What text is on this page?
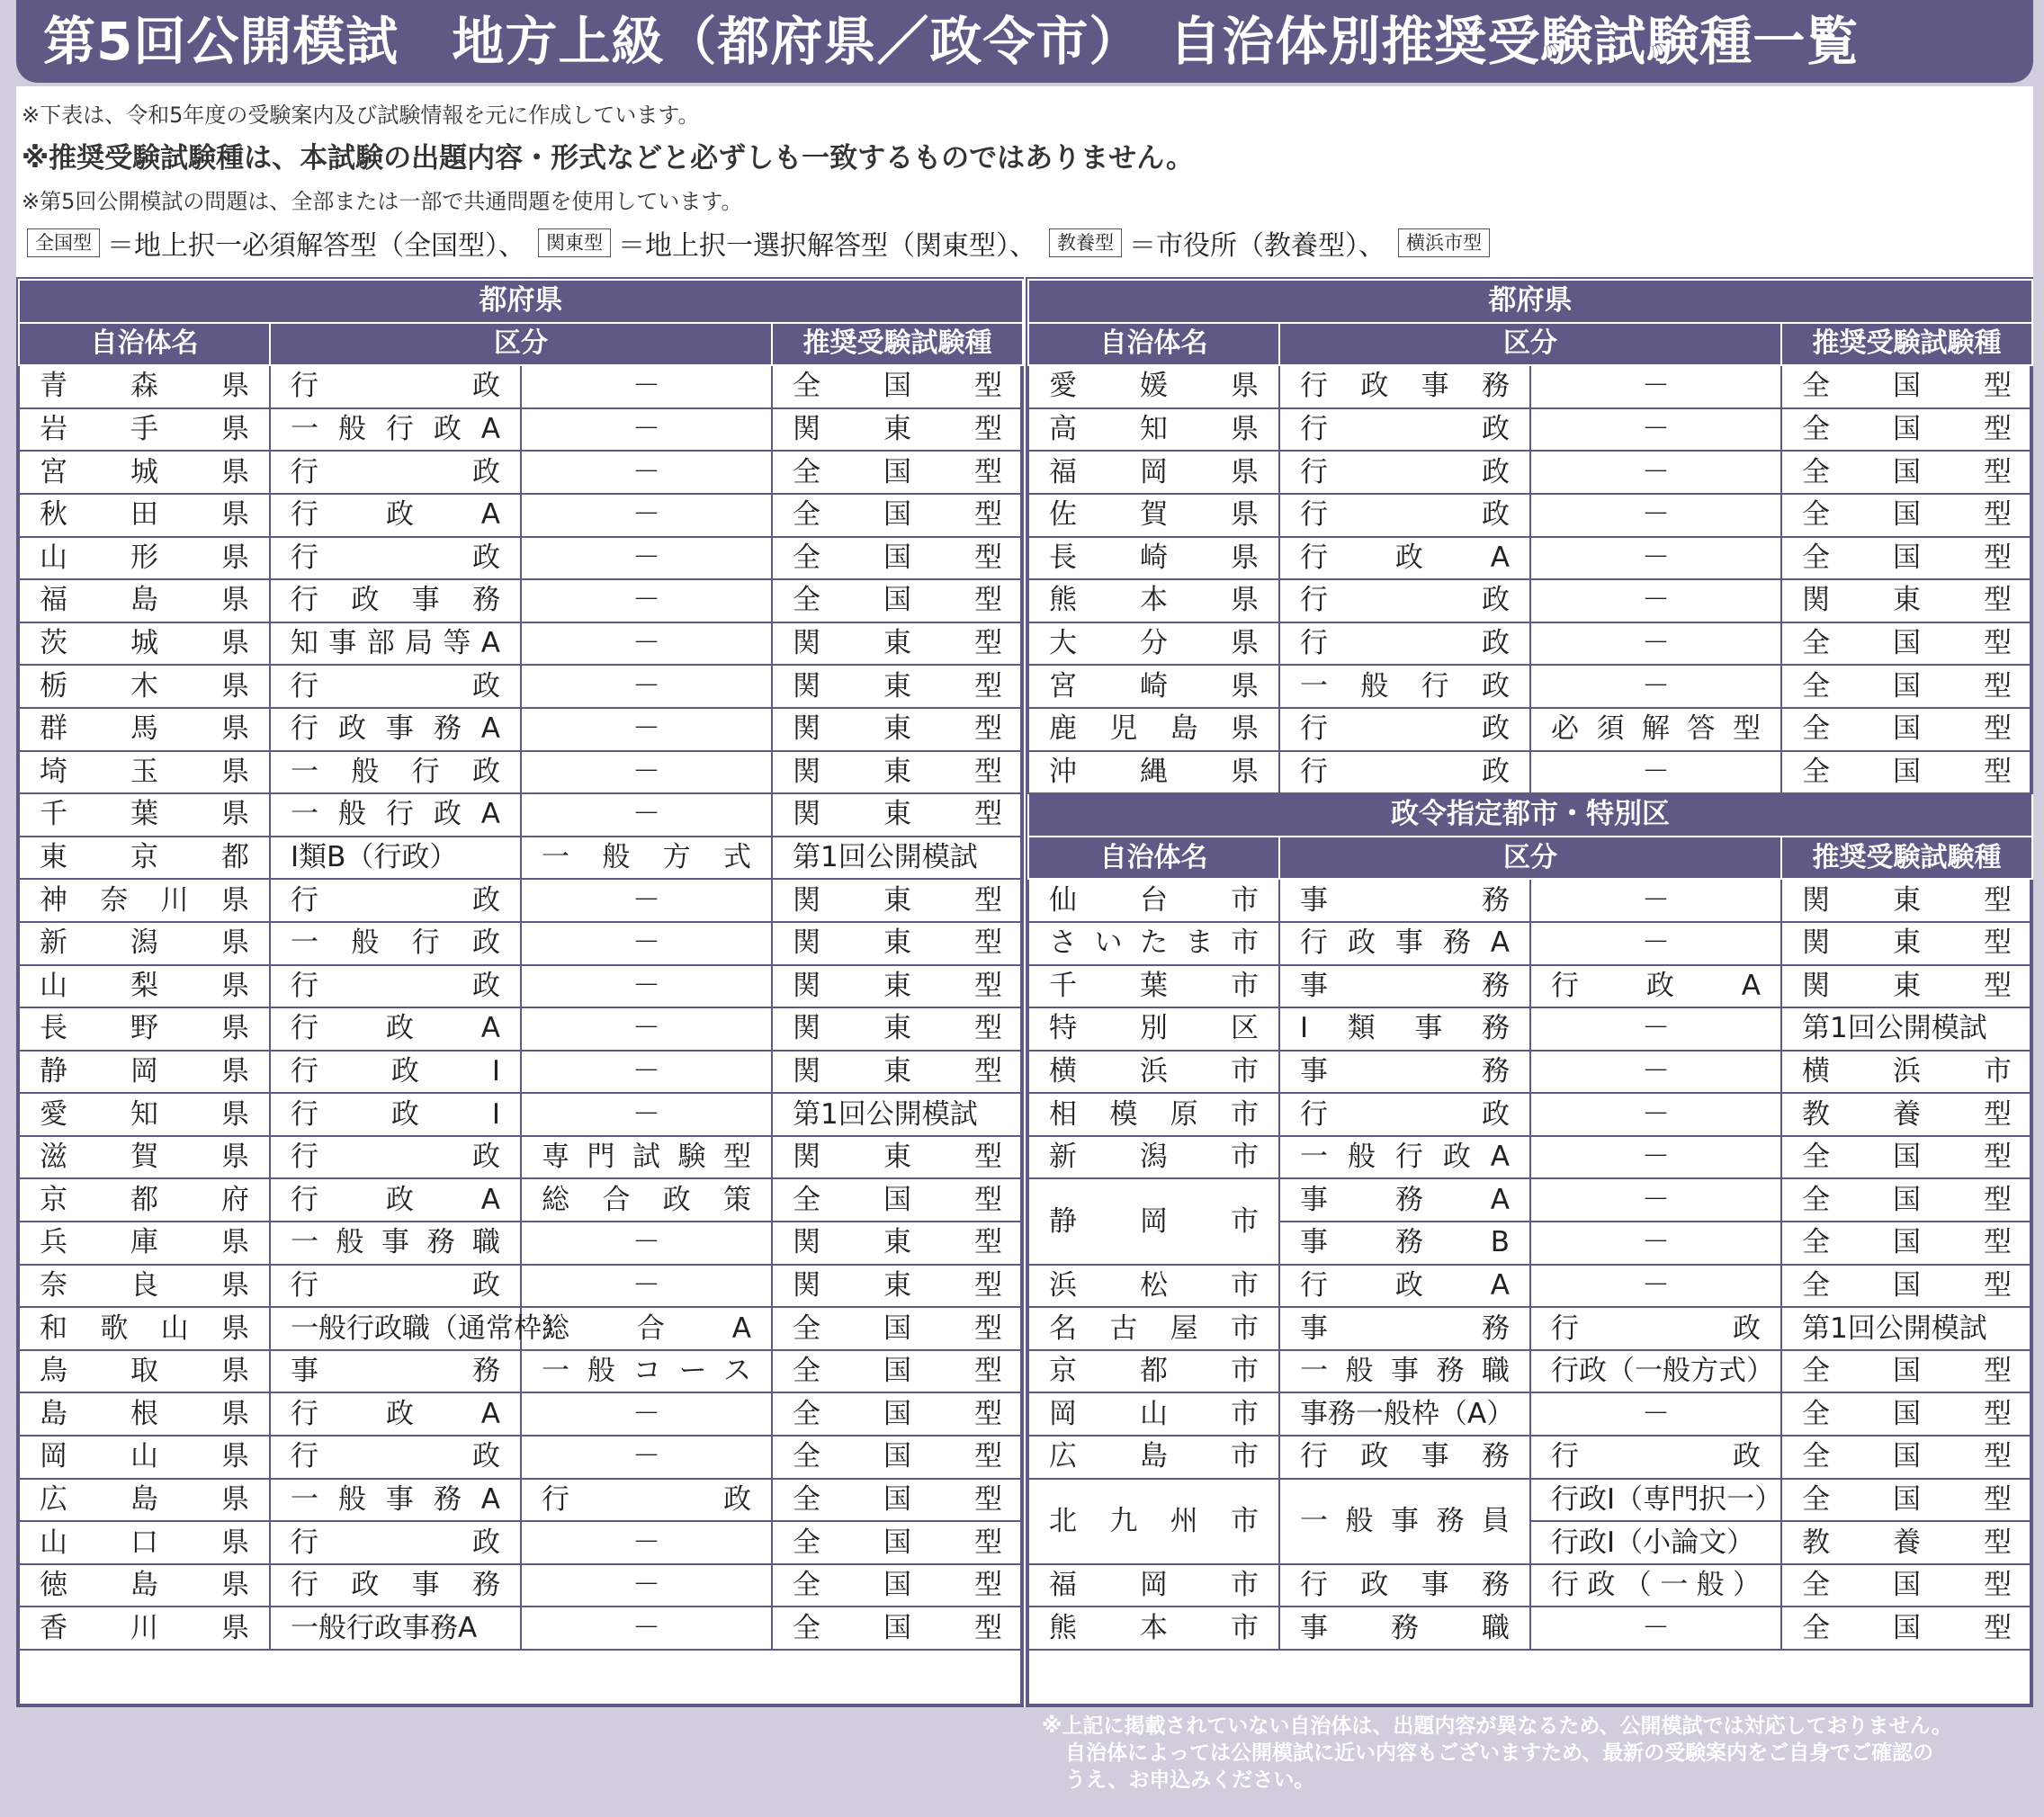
第5回公開模試　地方上級（都府県／政令市）　自治体別推奨受験試験種一覧
※下表は、令和5年度の受験案内及び試験情報を元に作成しています。
※推奨受験試験種は、本試験の出題内容・形式などと必ずしも一致するものではありません。
※第5回公開模試の問題は、全部または一部で共通問題を使用しています。
全国型 ＝地上択一必須解答型（全国型）、	関東型 ＝地上択一選択解答型（関東型）、	教養型 ＝市役所（教養型）、	横浜市型
都府県			
自治体名	区分		推奨受験試験種
青森県	行政	－	全国型
岩手県	一般行政A	－	関東型
宮城県	行政	－	全国型
秋田県	行政A	－	全国型
山形県	行政	－	全国型
福島県	行政事務	－	全国型
茨城県	知事部局等A	－	関東型
栃木県	行政	－	関東型
群馬県	行政事務A	－	関東型
埼玉県	一般行政	－	関東型
千葉県	一般行政A	－	関東型
東京都	Ⅰ類B（行政）	一般方式	第1回公開模試
神奈川県	行政	－	関東型
新潟県	一般行政	－	関東型
山梨県	行政	－	関東型
長野県	行政A	－	関東型
静岡県	行政Ⅰ	－	関東型
愛知県	行政Ⅰ	－	第1回公開模試
滋賀県	行政	専門試験型	関東型
京都府	行政A	総合政策	全国型
兵庫県	一般事務職	－	関東型
奈良県	行政	－	関東型
和歌山県	一般行政職（通常枠）	総合A	全国型
鳥取県	事務	一般コース	全国型
島根県	行政A	－	全国型
岡山県	行政	－	全国型
広島県	一般事務A	行政	全国型
山口県	行政	－	全国型
徳島県	行政事務	－	全国型
香川県	一般行政事務A	－	全国型
都府県			
自治体名	区分		推奨受験試験種
愛媛県	行政事務	－	全国型
高知県	行政	－	全国型
福岡県	行政	－	全国型
佐賀県	行政	－	全国型
長崎県	行政A	－	全国型
熊本県	行政	－	関東型
大分県	行政	－	全国型
宮崎県	一般行政	－	全国型
鹿児島県	行政	必須解答型	全国型
沖縄県	行政	－	全国型
政令指定都市・特別区			
自治体名	区分		推奨受験試験種
仙台市	事務	－	関東型
さいたま市	行政事務A	－	関東型
千葉市	事務	行政A	関東型
特別区	Ⅰ類事務	－	第1回公開模試
横浜市	事務	－	横浜市
相模原市	行政	－	教養型
新潟市	一般行政A	－	全国型
静岡市	事務A	－	全国型
	事務B	－	全国型
浜松市	行政A	－	全国型
名古屋市	事務	行政	第1回公開模試
京都市	一般事務職	行政（一般方式）	全国型
岡山市	事務一般枠（A）	－	全国型
広島市	行政事務	行政	全国型
北九州市	一般事務員	行政Ⅰ（専門択一）	全国型
		行政Ⅰ（小論文）	教養型
福岡市	行政事務	行政（一般）	全国型
熊本市	事務職	－	全国型
※上記に掲載されていない自治体は、出題内容が異なるため、公開模試では対応しておりません。
自治体によっては公開模試に近い内容もございますため、最新の受験案内をご自身でご確認の
うえ、お申込みください。
